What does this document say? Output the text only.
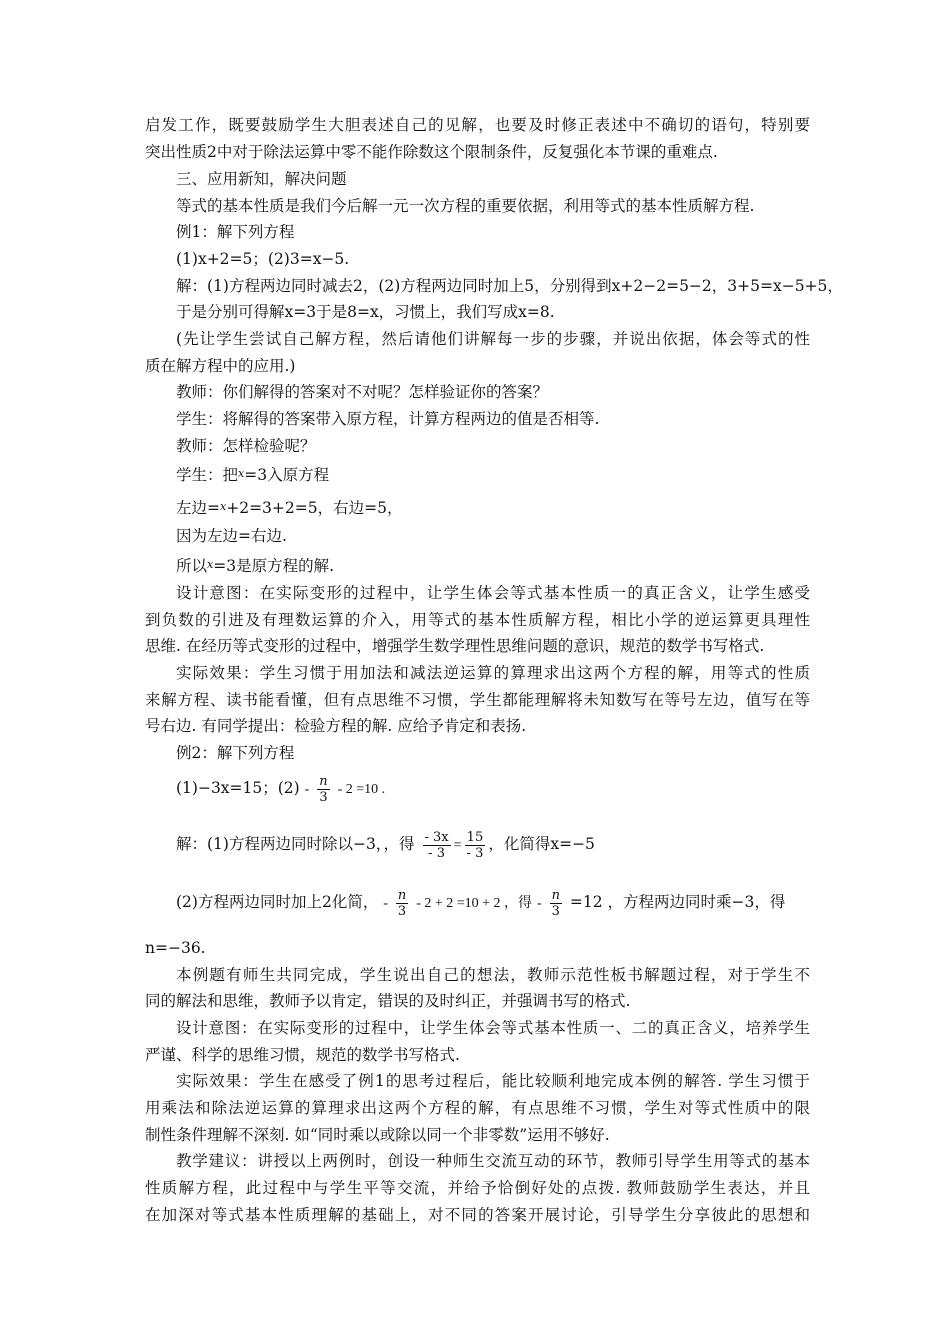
启发工作，既要鼓励学生大胆表述自己的见解，也要及时修正表述中不确切的语句，特别要
突出性质2中对于除法运算中零不能作除数这个限制条件，反复强化本节课的重难点.
三、应用新知，解决问题
等式的基本性质是我们今后解一元一次方程的重要依据，利用等式的基本性质解方程.
例1：解下列方程
(1)x+2=5；(2)3=x−5.
解：(1)方程两边同时减去2，(2)方程两边同时加上5，分别得到x+2−2=5−2，3+5=x−5+5，
于是分别可得解x=3于是8=x，习惯上，我们写成x=8.
(先让学生尝试自己解方程，然后请他们讲解每一步的步骤，并说出依据，体会等式的性
质在解方程中的应用.)
教师：你们解得的答案对不对呢？怎样验证你的答案？
学生：将解得的答案带入原方程，计算方程两边的值是否相等.
教师：怎样检验呢？
学生：把x=3入原方程
左边=x+2=3+2=5，右边=5，
因为左边=右边.
所以x=3是原方程的解.
设计意图：在实际变形的过程中，让学生体会等式基本性质一的真正含义，让学生感受
到负数的引进及有理数运算的介入，用等式的基本性质解方程，相比小学的逆运算更具理性
思维. 在经历等式变形的过程中，增强学生数学理性思维问题的意识，规范的数学书写格式.
实际效果：学生习惯于用加法和减法逆运算的算理求出这两个方程的解，用等式的性质
来解方程、读书能看懂，但有点思维不习惯，学生都能理解将未知数写在等号左边，值写在等
号右边. 有同学提出：检验方程的解. 应给予肯定和表扬.
例2：解下列方程
(1)−3x=15；$(2) - \frac{n}{3} - 2 =10$ .
解：(1)方程两边同时除以−3，，得 $\frac{- 3x}{- 3} = \frac{15}{- 3}$ ，化简得x=−5
(2)方程两边同时加上2化简， - $\frac{n}{3} - 2 + 2 =10 + 2$ ，得 - $\frac{n}{3} =12$ ，方程两边同时乘−3，得
n=−36.
本例题有师生共同完成，学生说出自己的想法，教师示范性板书解题过程，对于学生不
同的解法和思维，教师予以肯定，错误的及时纠正，并强调书写的格式.
设计意图：在实际变形的过程中，让学生体会等式基本性质一、二的真正含义，培养学生
严谨、科学的思维习惯，规范的数学书写格式.
实际效果：学生在感受了例1的思考过程后，能比较顺利地完成本例的解答. 学生习惯于
用乘法和除法逆运算的算理求出这两个方程的解，有点思维不习惯，学生对等式性质中的限
制性条件理解不深刻. 如“同时乘以或除以同一个非零数”运用不够好.
教学建议：讲授以上两例时，创设一种师生交流互动的环节，教师引导学生用等式的基本
性质解方程，此过程中与学生平等交流，并给予恰倒好处的点拨. 教师鼓励学生表达，并且
在加深对等式基本性质理解的基础上，对不同的答案开展讨论，引导学生分享彼此的思想和
